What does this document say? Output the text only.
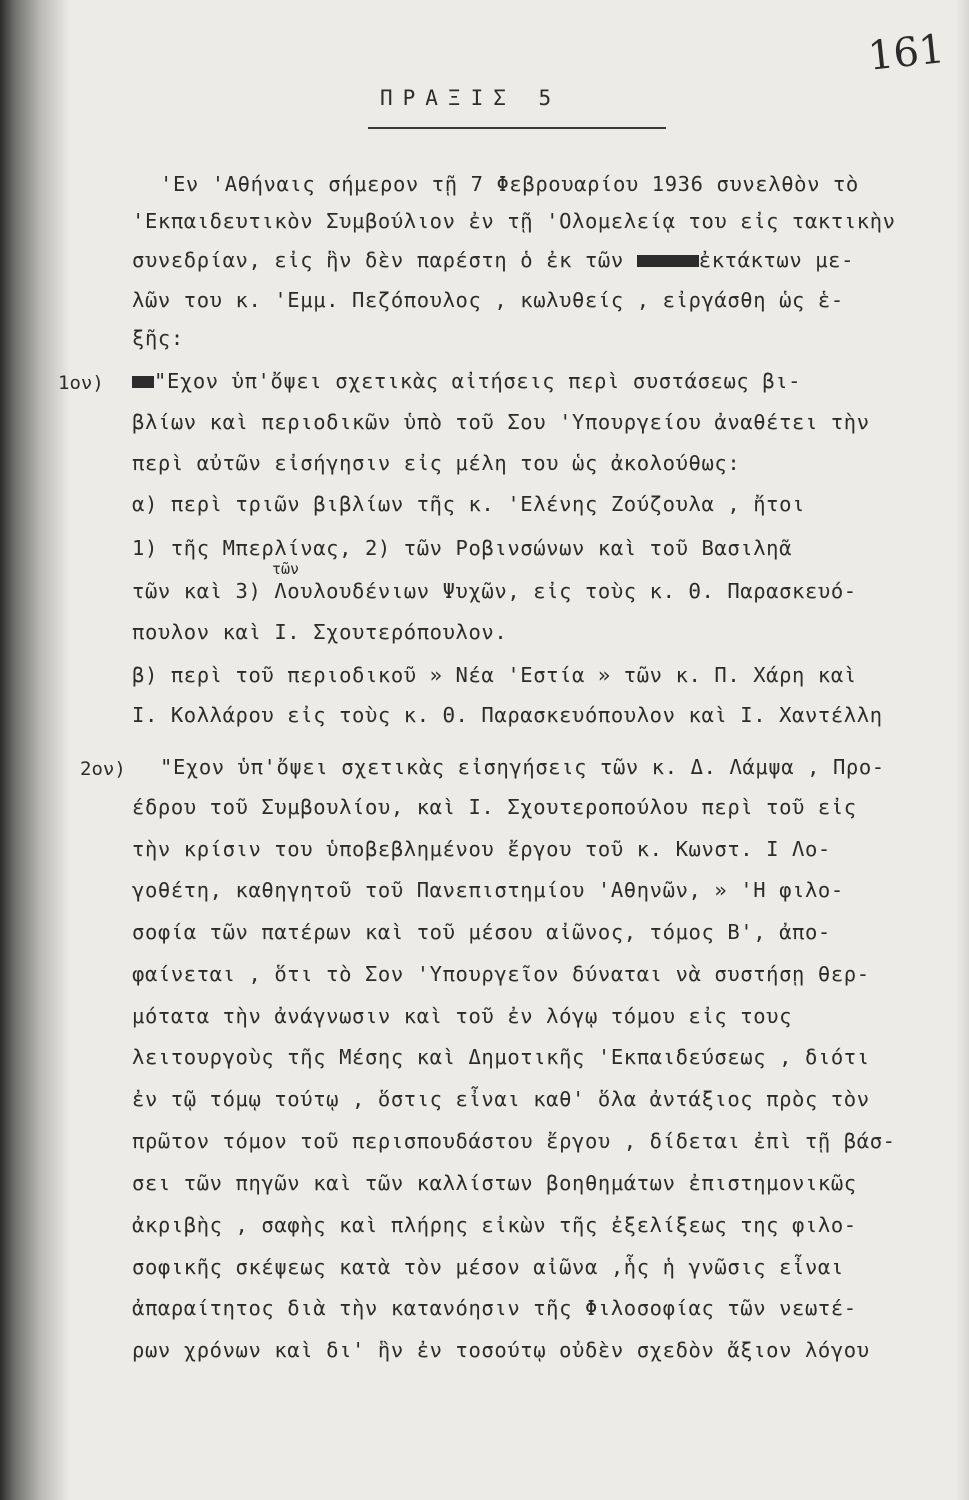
161
ΠΡΑΞΙΣ 5
'Εν 'Αθήναις σήμερον τῇ 7 Φεβρουαρίου 1936 συνελθὸν τὸ
'Εκπαιδευτικὸν Συμβούλιον ἐν τῇ 'Ολομελείᾳ του εἰς τακτικὴν
συνεδρίαν, εἰς ἣν δὲν παρέστη ὁ ἐκ τῶν	ἐκτάκτων με-
λῶν του κ. 'Εμμ. Πεζόπουλος , κωλυθείς , εἰργάσθη ὡς ἑ-
ξῆς:
1ον)	"Εχον ὑπ'ὄψει σχετικὰς αἰτήσεις περὶ συστάσεως βι-
βλίων καὶ περιοδικῶν ὑπὸ τοῦ Σου 'Υπουργείου ἀναθέτει τὴν
περὶ αὐτῶν εἰσήγησιν εἰς μέλη του ὡς ἀκολούθως:
α) περὶ τριῶν βιβλίων τῆς κ. 'Ελένης Ζούζουλα , ἤτοι
1) τῆς Μπερλίνας, 2) τῶν Ροβινσώνων καὶ τοῦ Βασιληᾶ
τῶν
τῶν καὶ 3) Λουλουδένιων Ψυχῶν, εἰς τοὺς κ. Θ. Παρασκευό-
πουλον καὶ Ι. Σχουτερόπουλον.
β) περὶ τοῦ περιοδικοῦ » Νέα 'Εστία » τῶν κ. Π. Χάρη καὶ
Ι. Κολλάρου εἰς τοὺς κ. Θ. Παρασκευόπουλον καὶ Ι. Χαντέλλη
2ον) "Εχον ὑπ'ὄψει σχετικὰς εἰσηγήσεις τῶν κ. Δ. Λάμψα , Προ-
έδρου τοῦ Συμβουλίου, καὶ Ι. Σχουτεροπούλου περὶ τοῦ εἰς
τὴν κρίσιν του ὑποβεβλημένου ἔργου τοῦ κ. Κωνστ. Ι Λο-
γοθέτη, καθηγητοῦ τοῦ Πανεπιστημίου 'Αθηνῶν, » 'Η φιλο-
σοφία τῶν πατέρων καὶ τοῦ μέσου αἰῶνος, τόμος Β', ἀπο-
φαίνεται , ὅτι τὸ Σον 'Υπουργεῖον δύναται νὰ συστήσῃ θερ-
μότατα τὴν ἀνάγνωσιν καὶ τοῦ ἐν λόγῳ τόμου εἰς τους
λειτουργοὺς τῆς Μέσης καὶ Δημοτικῆς 'Εκπαιδεύσεως , διότι
ἐν τῷ τόμῳ τούτῳ , ὅστις εἶναι καθ' ὅλα ἀντάξιος πρὸς τὸν
πρῶτον τόμον τοῦ περισπουδάστου ἔργου , δίδεται ἐπὶ τῇ βάσ-
σει τῶν πηγῶν καὶ τῶν καλλίστων βοηθημάτων ἐπιστημονικῶς
ἀκριβὴς , σαφὴς καὶ πλήρης εἰκὼν τῆς ἐξελίξεως της φιλο-
σοφικῆς σκέψεως κατὰ τὸν μέσον αἰῶνα ,ἧς ἡ γνῶσις εἶναι
ἀπαραίτητος διὰ τὴν κατανόησιν τῆς Φιλοσοφίας τῶν νεωτέ-
ρων χρόνων καὶ δι' ἣν ἐν τοσούτῳ οὐδὲν σχεδὸν ἄξιον λόγου
